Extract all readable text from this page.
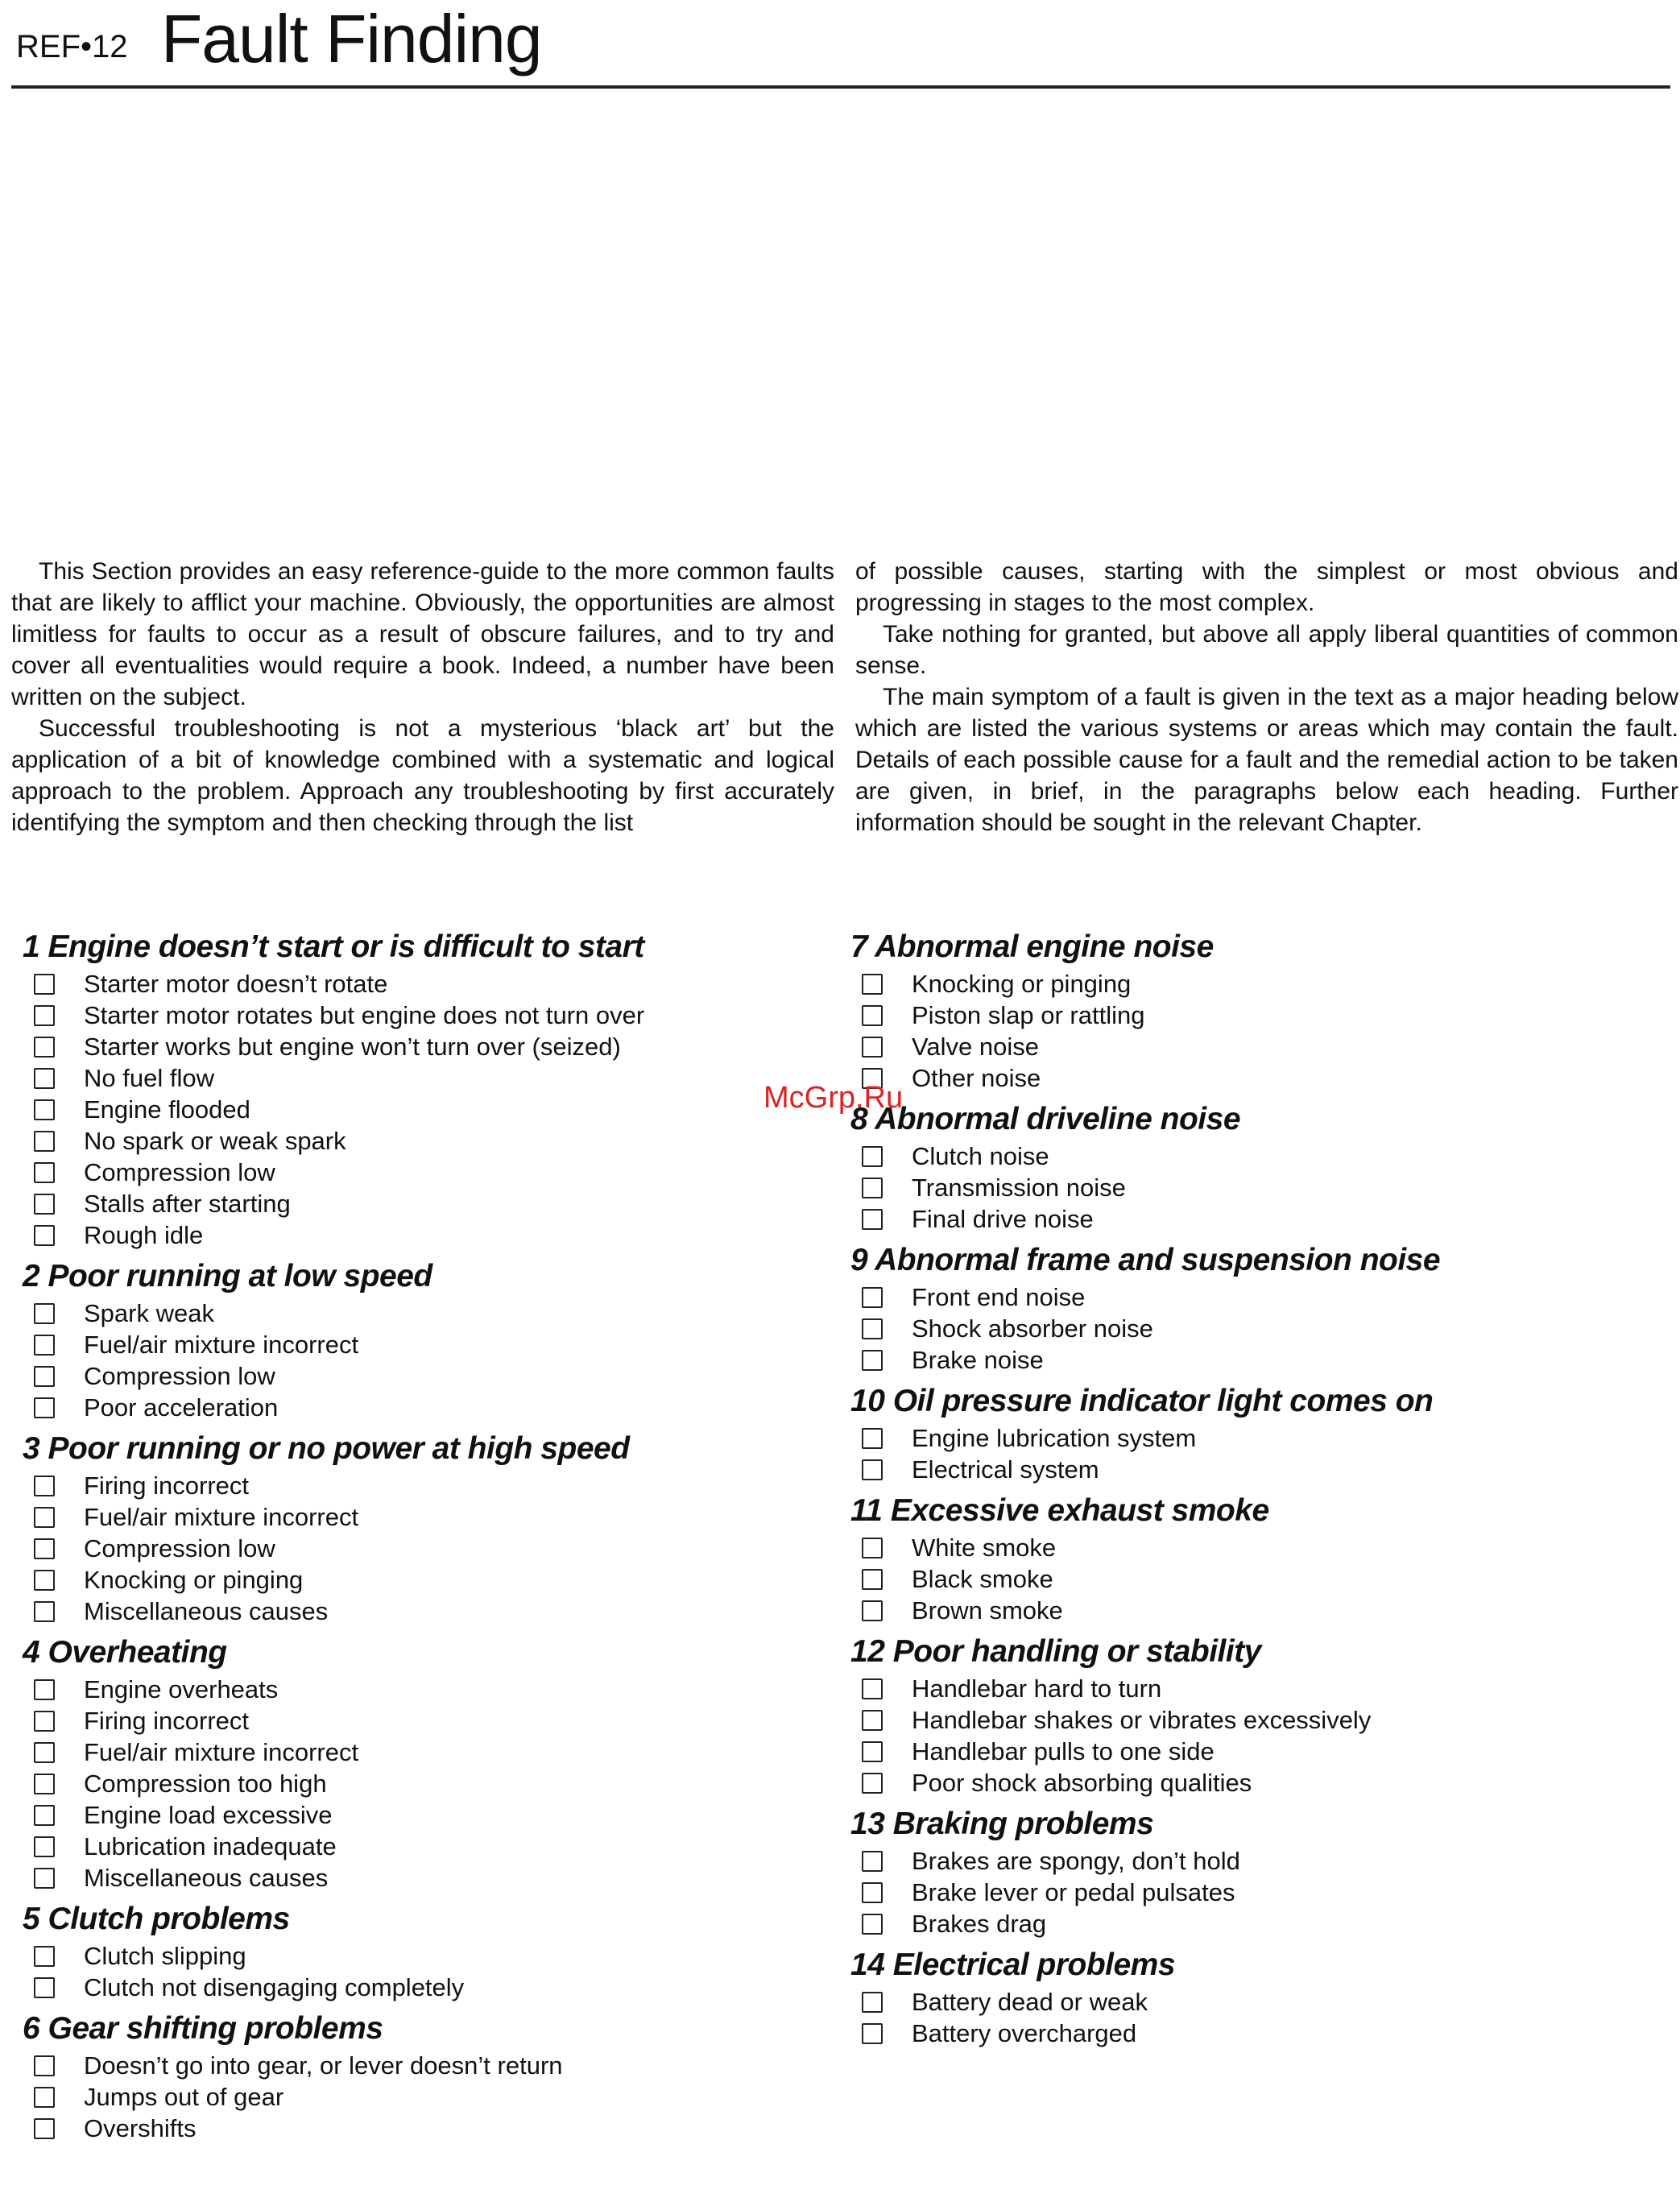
REF•12 Fault Finding

This Section provides an easy reference-guide to the more common faults that are likely to afflict your machine. Obviously, the opportunities are almost limitless for faults to occur as a result of obscure failures, and to try and cover all eventualities would require a book. Indeed, a number have been written on the subject.

Successful troubleshooting is not a mysterious ‘black art’ but the application of a bit of knowledge combined with a systematic and logical approach to the problem. Approach any troubleshooting by first accurately identifying the symptom and then checking through the list

of possible causes, starting with the simplest or most obvious and progressing in stages to the most complex.

Take nothing for granted, but above all apply liberal quantities of common sense.

The main symptom of a fault is given in the text as a major heading below which are listed the various systems or areas which may contain the fault. Details of each possible cause for a fault and the remedial action to be taken are given, in brief, in the paragraphs below each heading. Further information should be sought in the relevant Chapter.

1 Engine doesn’t start or is difficult to start
Starter motor doesn’t rotate
Starter motor rotates but engine does not turn over
Starter works but engine won’t turn over (seized)
No fuel flow
Engine flooded
No spark or weak spark
Compression low
Stalls after starting
Rough idle
2 Poor running at low speed
Spark weak
Fuel/air mixture incorrect
Compression low
Poor acceleration
3 Poor running or no power at high speed
Firing incorrect
Fuel/air mixture incorrect
Compression low
Knocking or pinging
Miscellaneous causes
4 Overheating
Engine overheats
Firing incorrect
Fuel/air mixture incorrect
Compression too high
Engine load excessive
Lubrication inadequate
Miscellaneous causes
5 Clutch problems
Clutch slipping
Clutch not disengaging completely
6 Gear shifting problems
Doesn’t go into gear, or lever doesn’t return
Jumps out of gear
Overshifts
7 Abnormal engine noise
Knocking or pinging
Piston slap or rattling
Valve noise
Other noise
8 Abnormal driveline noise
Clutch noise
Transmission noise
Final drive noise
9 Abnormal frame and suspension noise
Front end noise
Shock absorber noise
Brake noise
10 Oil pressure indicator light comes on
Engine lubrication system
Electrical system
11 Excessive exhaust smoke
White smoke
Black smoke
Brown smoke
12 Poor handling or stability
Handlebar hard to turn
Handlebar shakes or vibrates excessively
Handlebar pulls to one side
Poor shock absorbing qualities
13 Braking problems
Brakes are spongy, don’t hold
Brake lever or pedal pulsates
Brakes drag
14 Electrical problems
Battery dead or weak
Battery overcharged
McGrp.Ru
